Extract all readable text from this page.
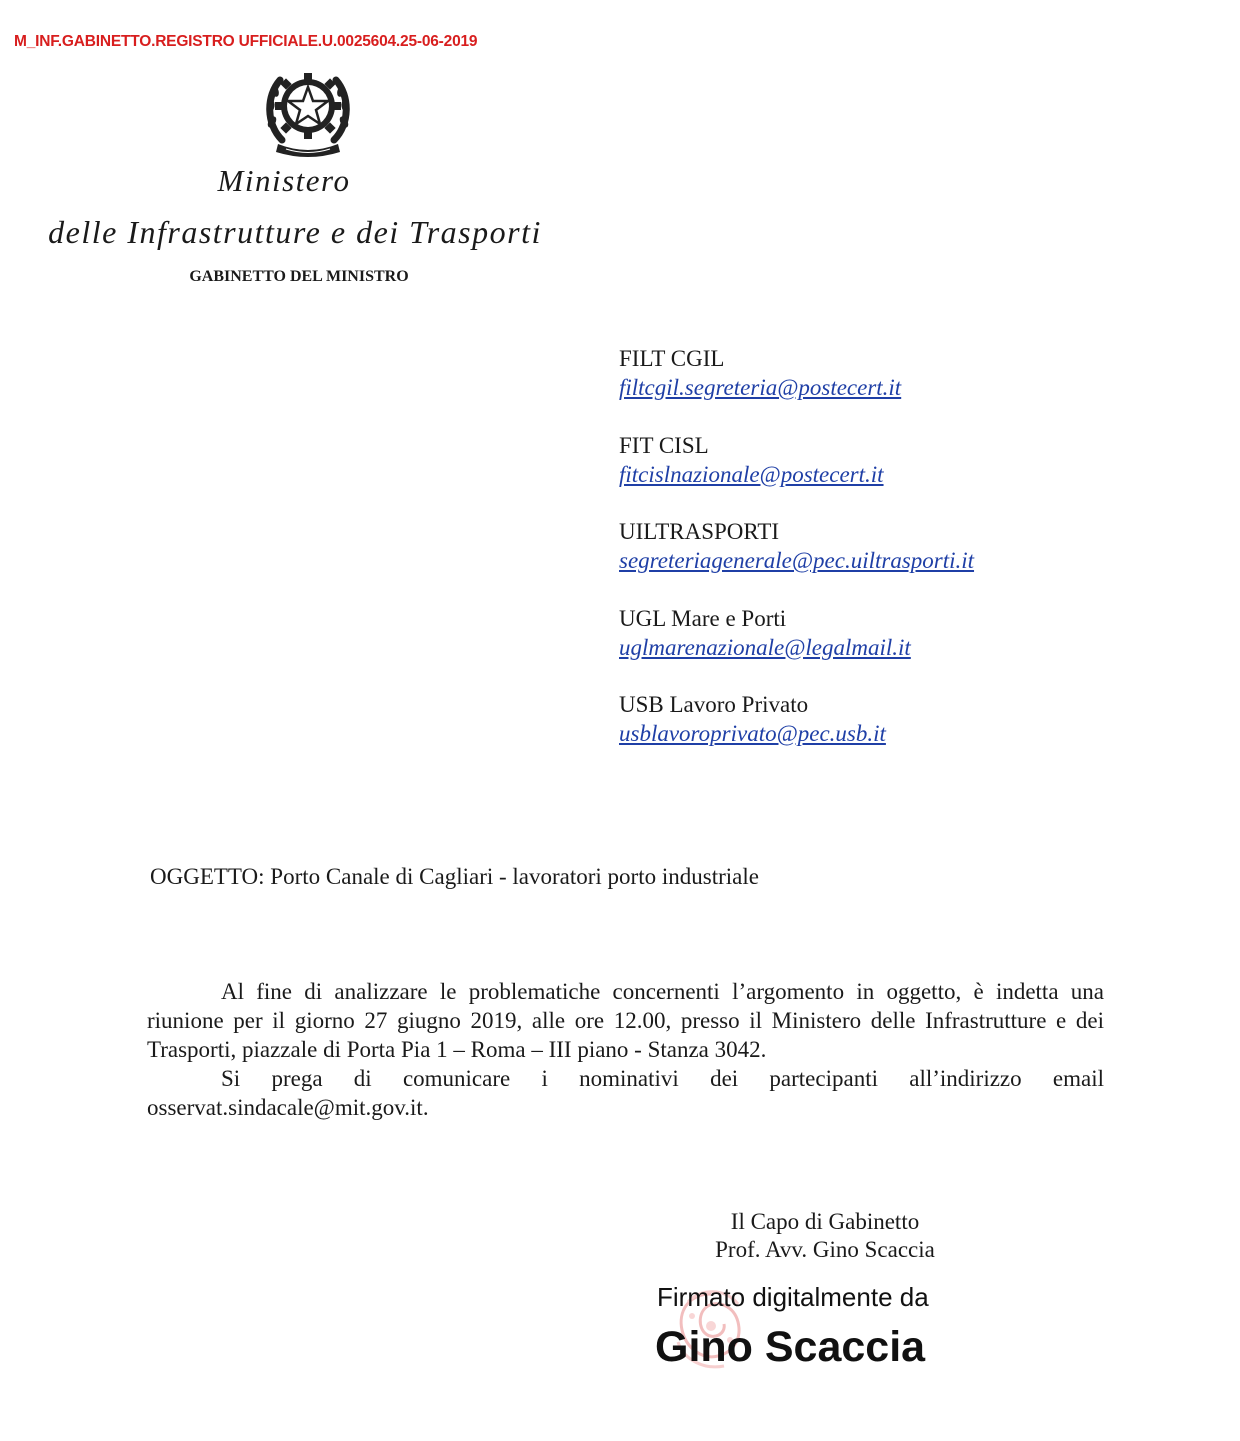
M_INF.GABINETTO.REGISTRO UFFICIALE.U.0025604.25-06-2019
Ministero
delle Infrastrutture e dei Trasporti
GABINETTO DEL MINISTRO
FILT CGIL
filtcgil.segreteria@postecert.it
FIT CISL
fitcislnazionale@postecert.it
UILTRASPORTI
segreteriagenerale@pec.uiltrasporti.it
UGL Mare e Porti
uglmarenazionale@legalmail.it
USB Lavoro Privato
usblavoroprivato@pec.usb.it
OGGETTO: Porto Canale di Cagliari - lavoratori porto industriale

Al fine di analizzare le problematiche concernenti l’argomento in oggetto, è indetta una riunione per il giorno 27 giugno 2019, alle ore 12.00, presso il Ministero delle Infrastrutture e dei Trasporti, piazzale di Porta Pia 1 – Roma – III piano - Stanza 3042.

Si prega di comunicare i nominativi dei partecipanti all’indirizzo email
osservat.sindacale@mit.gov.it.
Il Capo di Gabinetto
Prof. Avv. Gino Scaccia
Firmato digitalmente da
Gino Scaccia
